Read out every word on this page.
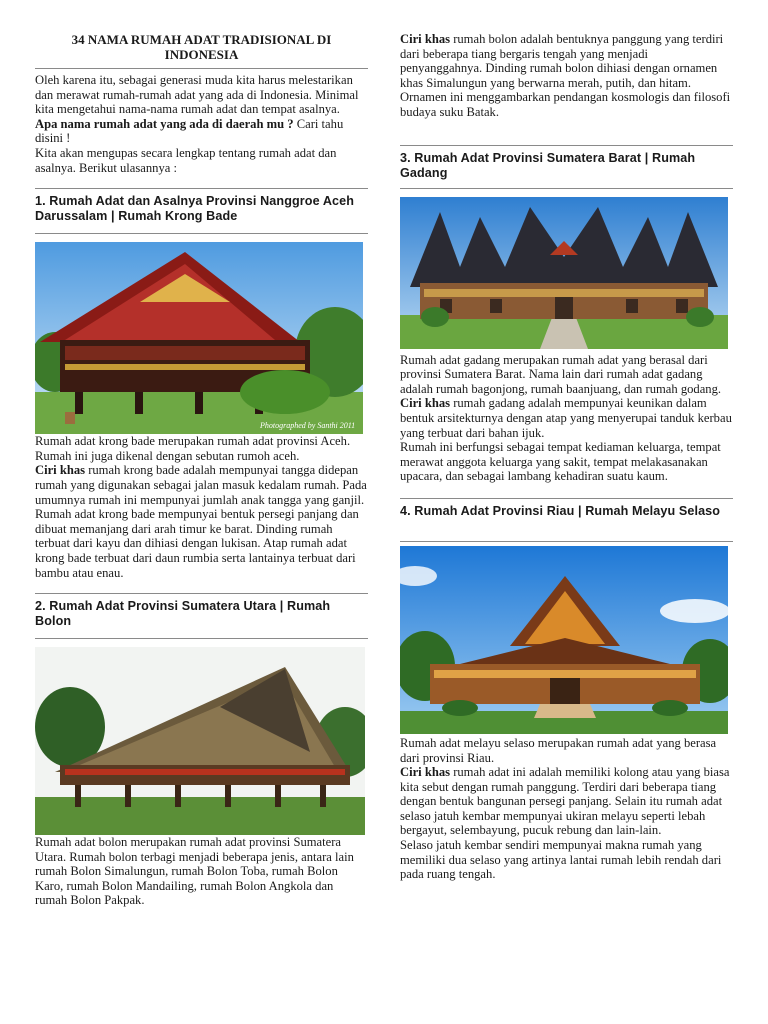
34 NAMA RUMAH ADAT TRADISIONAL DI INDONESIA

Oleh karena itu, sebagai generasi muda kita harus melestarikan dan merawat rumah-rumah adat yang ada di Indonesia. Minimal kita mengetahui nama-nama rumah adat dan tempat asalnya.

Apa nama rumah adat yang ada di daerah mu ? Cari tahu disini !

Kita akan mengupas secara lengkap tentang rumah adat dan asalnya. Berikut ulasannya :

1. Rumah Adat dan Asalnya Provinsi Nanggroe Aceh Darussalam | Rumah Krong Bade
Photographed by Santhi 2011

Rumah adat krong bade merupakan rumah adat provinsi Aceh. Rumah ini juga dikenal dengan sebutan rumoh aceh.

Ciri khas rumah krong bade adalah mempunyai tangga didepan rumah yang digunakan sebagai jalan masuk kedalam rumah. Pada umumnya rumah ini mempunyai jumlah anak tangga yang ganjil.

Rumah adat krong bade mempunyai bentuk persegi panjang dan dibuat memanjang dari arah timur ke barat. Dinding rumah terbuat dari kayu dan dihiasi dengan lukisan. Atap rumah adat krong bade terbuat dari daun rumbia serta lantainya terbuat dari bambu atau enau.

2. Rumah Adat Provinsi Sumatera Utara | Rumah Bolon

Rumah adat bolon merupakan rumah adat provinsi Sumatera Utara. Rumah bolon terbagi menjadi beberapa jenis, antara lain rumah Bolon Simalungun, rumah Bolon Toba, rumah Bolon Karo, rumah Bolon Mandailing, rumah Bolon Angkola dan rumah Bolon Pakpak.

Ciri khas rumah bolon adalah bentuknya panggung yang terdiri dari beberapa tiang bergaris tengah yang menjadi penyanggahnya. Dinding rumah bolon dihiasi dengan ornamen khas Simalungun yang berwarna merah, putih, dan hitam. Ornamen ini menggambarkan pendangan kosmologis dan filosofi budaya suku Batak.

3. Rumah Adat Provinsi Sumatera Barat | Rumah Gadang

Rumah adat gadang merupakan rumah adat yang berasal dari provinsi Sumatera Barat. Nama lain dari rumah adat gadang adalah rumah bagonjong, rumah baanjuang, dan rumah godang.

Ciri khas rumah gadang adalah mempunyai keunikan dalam bentuk arsitekturnya dengan atap yang menyerupai tanduk kerbau yang terbuat dari bahan ijuk.

Rumah ini berfungsi sebagai tempat kediaman keluarga, tempat merawat anggota keluarga yang sakit, tempat melakasanakan upacara, dan sebagai lambang kehadiran suatu kaum.

4. Rumah Adat Provinsi Riau | Rumah Melayu Selaso

Rumah adat melayu selaso merupakan rumah adat yang berasa dari provinsi Riau.

Ciri khas rumah adat ini adalah memiliki kolong atau yang biasa kita sebut dengan rumah panggung. Terdiri dari beberapa tiang dengan bentuk bangunan persegi panjang. Selain itu rumah adat selaso jatuh kembar mempunyai ukiran melayu seperti lebah bergayut, selembayung, pucuk rebung dan lain-lain.

Selaso jatuh kembar sendiri mempunyai makna rumah yang memiliki dua selaso yang artinya lantai rumah lebih rendah dari pada ruang tengah.
